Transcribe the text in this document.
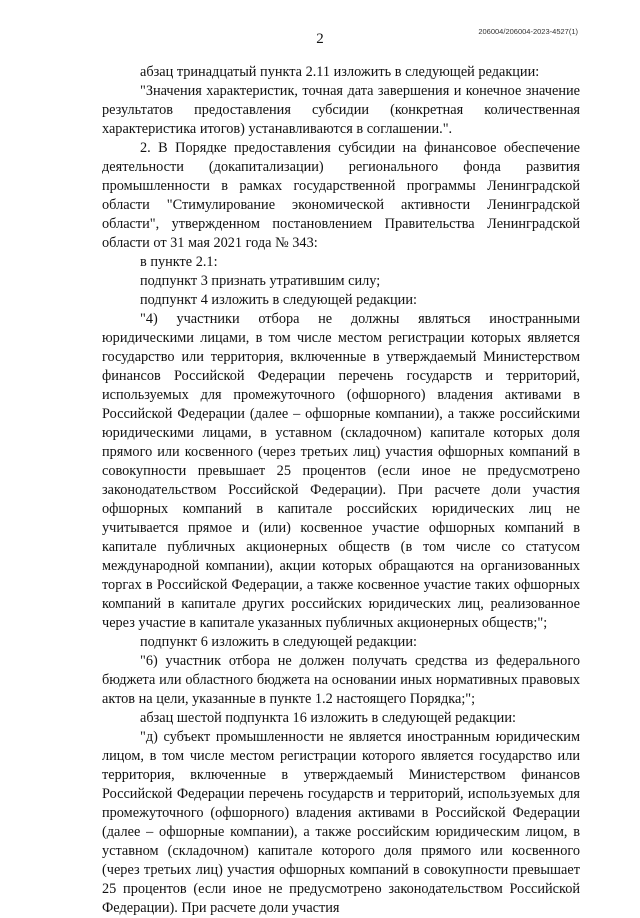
2	206004/206004-2023-4527(1)

абзац тринадцатый пункта 2.11 изложить в следующей редакции:

"Значения характеристик, точная дата завершения и конечное значение результатов предоставления субсидии (конкретная количественная характеристика итогов) устанавливаются в соглашении.".

2. В Порядке предоставления субсидии на финансовое обеспечение деятельности (докапитализации) регионального фонда развития промышленности в рамках государственной программы Ленинградской области "Стимулирование экономической активности Ленинградской области", утвержденном постановлением Правительства Ленинградской области от 31 мая 2021 года № 343:

в пункте 2.1:

подпункт 3 признать утратившим силу;

подпункт 4 изложить в следующей редакции:

"4) участники отбора не должны являться иностранными юридическими лицами, в том числе местом регистрации которых является государство или территория, включенные в утверждаемый Министерством финансов Российской Федерации перечень государств и территорий, используемых для промежуточного (офшорного) владения активами в Российской Федерации (далее – офшорные компании), а также российскими юридическими лицами, в уставном (складочном) капитале которых доля прямого или косвенного (через третьих лиц) участия офшорных компаний в совокупности превышает 25 процентов (если иное не предусмотрено законодательством Российской Федерации). При расчете доли участия офшорных компаний в капитале российских юридических лиц не учитывается прямое и (или) косвенное участие офшорных компаний в капитале публичных акционерных обществ (в том числе со статусом международной компании), акции которых обращаются на организованных торгах в Российской Федерации, а также косвенное участие таких офшорных компаний в капитале других российских юридических лиц, реализованное через участие в капитале указанных публичных акционерных обществ;";

подпункт 6 изложить в следующей редакции:

"6) участник отбора не должен получать средства из федерального бюджета или областного бюджета на основании иных нормативных правовых актов на цели, указанные в пункте 1.2 настоящего Порядка;";

абзац шестой подпункта 16 изложить в следующей редакции:

"д) субъект промышленности не является иностранным юридическим лицом, в том числе местом регистрации которого является государство или территория, включенные в утверждаемый Министерством финансов Российской Федерации перечень государств и территорий, используемых для промежуточного (офшорного) владения активами в Российской Федерации (далее – офшорные компании), а также российским юридическим лицом, в уставном (складочном) капитале которого доля прямого или косвенного (через третьих лиц) участия офшорных компаний в совокупности превышает 25 процентов (если иное не предусмотрено законодательством Российской Федерации). При расчете доли участия
